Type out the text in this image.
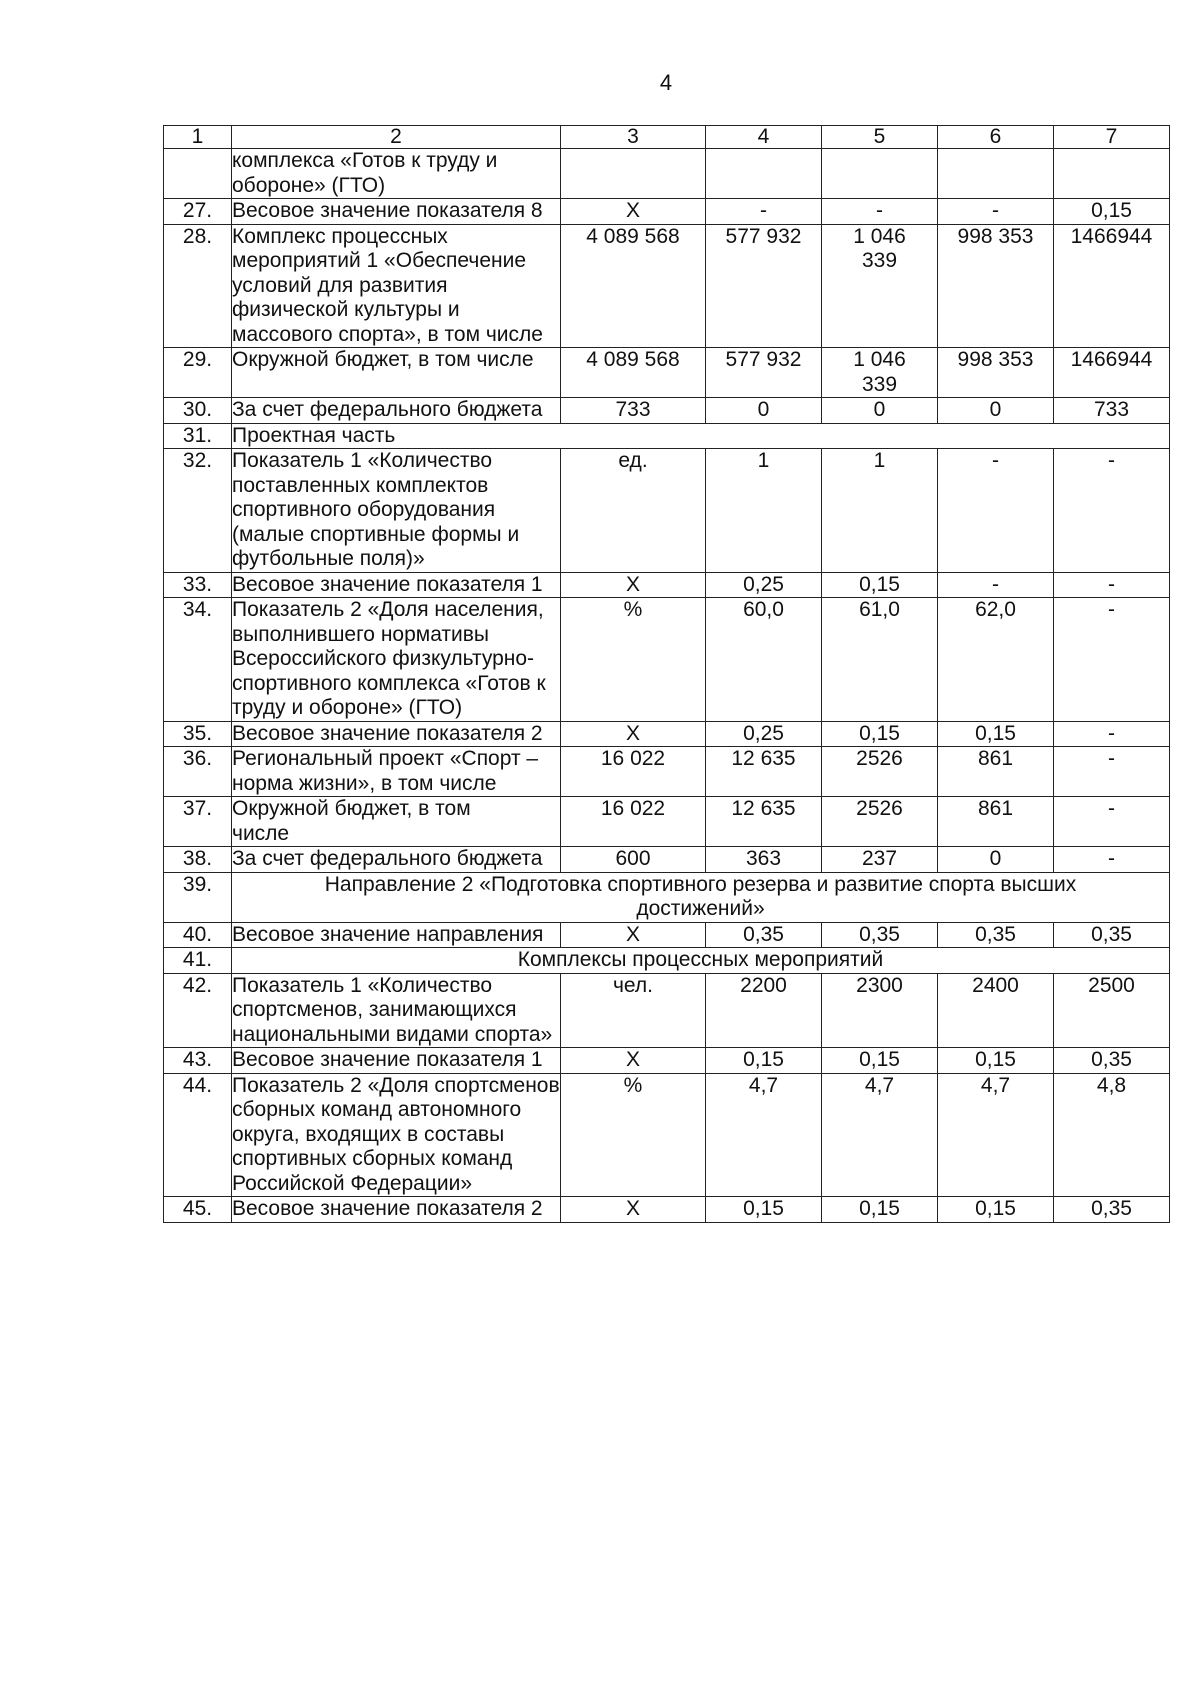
4
1	2	3	4	5	6	7
	комплекса «Готов к труду и обороне» (ГТО)					
27.	Весовое значение показателя 8	Х	-	-	-	0,15
28.	Комплекс процессных мероприятий 1 «Обеспечение условий для развития физической культуры и массового спорта», в том числе	4 089 568	577 932	1 046 339	998 353	1466944
29.	Окружной бюджет, в том числе	4 089 568	577 932	1 046 339	998 353	1466944
30.	За счет федерального бюджета	733	0	0	0	733
31.	Проектная часть					
32.	Показатель 1 «Количество поставленных комплектов спортивного оборудования (малые спортивные формы и футбольные поля)»	ед.	1	1	-	-
33.	Весовое значение показателя 1	Х	0,25	0,15	-	-
34.	Показатель 2 «Доля населения, выполнившего нормативы Всероссийского физкультурно-спортивного комплекса «Готов к труду и обороне» (ГТО)	%	60,0	61,0	62,0	-
35.	Весовое значение показателя 2	Х	0,25	0,15	0,15	-
36.	Региональный проект «Спорт – норма жизни», в том числе	16 022	12 635	2526	861	-
37.	Окружной бюджет, в том числе	16 022	12 635	2526	861	-
38.	За счет федерального бюджета	600	363	237	0	-
39.	Направление 2 «Подготовка спортивного резерва и развитие спорта высших достижений»					
40.	Весовое значение направления	Х	0,35	0,35	0,35	0,35
41.	Комплексы процессных мероприятий					
42.	Показатель 1 «Количество спортсменов, занимающихся национальными видами спорта»	чел.	2200	2300	2400	2500
43.	Весовое значение показателя 1	Х	0,15	0,15	0,15	0,35
44.	Показатель 2 «Доля спортсменов сборных команд автономного округа, входящих в составы спортивных сборных команд Российской Федерации»	%	4,7	4,7	4,7	4,8
45.	Весовое значение показателя 2	Х	0,15	0,15	0,15	0,35
